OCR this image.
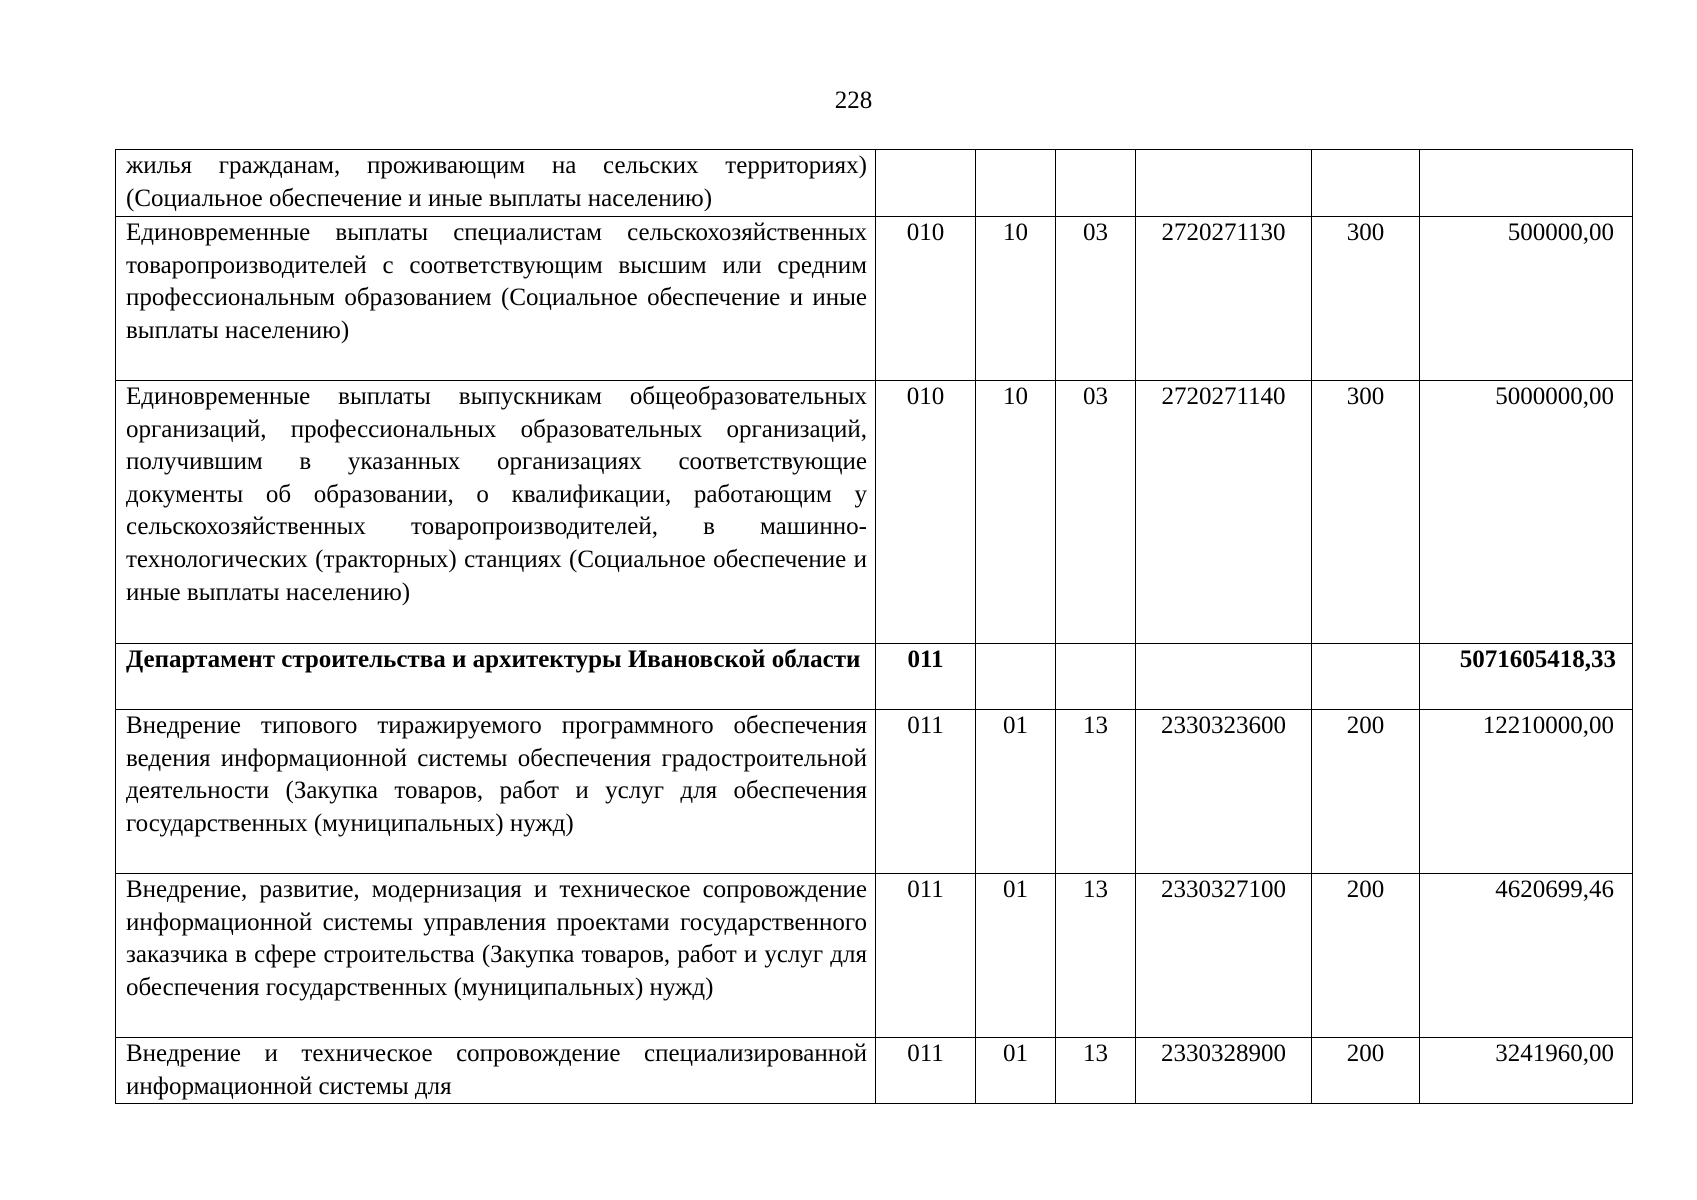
228
жилья гражданам, проживающим на сельских территориях) (Социальное обеспечение и иные выплаты населению)						
Единовременные выплаты специалистам сельскохозяйственных товаропроизводителей с соответствующим высшим или средним профессиональным образованием (Социальное обеспечение и иные выплаты населению)	010	10	03	2720271130	300	500000,00
Единовременные выплаты выпускникам общеобразовательных организаций, профессиональных образовательных организаций, получившим в указанных организациях соответствующие документы об образовании, о квалификации, работающим у сельскохозяйственных товаропроизводителей, в машинно-технологических (тракторных) станциях (Социальное обеспечение и иные выплаты населению)	010	10	03	2720271140	300	5000000,00
Департамент строительства и архитектуры Ивановской области	011					5071605418,33
Внедрение типового тиражируемого программного обеспечения ведения информационной системы обеспечения градостроительной деятельности (Закупка товаров, работ и услуг для обеспечения государственных (муниципальных) нужд)	011	01	13	2330323600	200	12210000,00
Внедрение, развитие, модернизация и техническое сопровождение информационной системы управления проектами государственного заказчика в сфере строительства (Закупка товаров, работ и услуг для обеспечения государственных (муниципальных) нужд)	011	01	13	2330327100	200	4620699,46
Внедрение и техническое сопровождение специализированной информационной системы для	011	01	13	2330328900	200	3241960,00
